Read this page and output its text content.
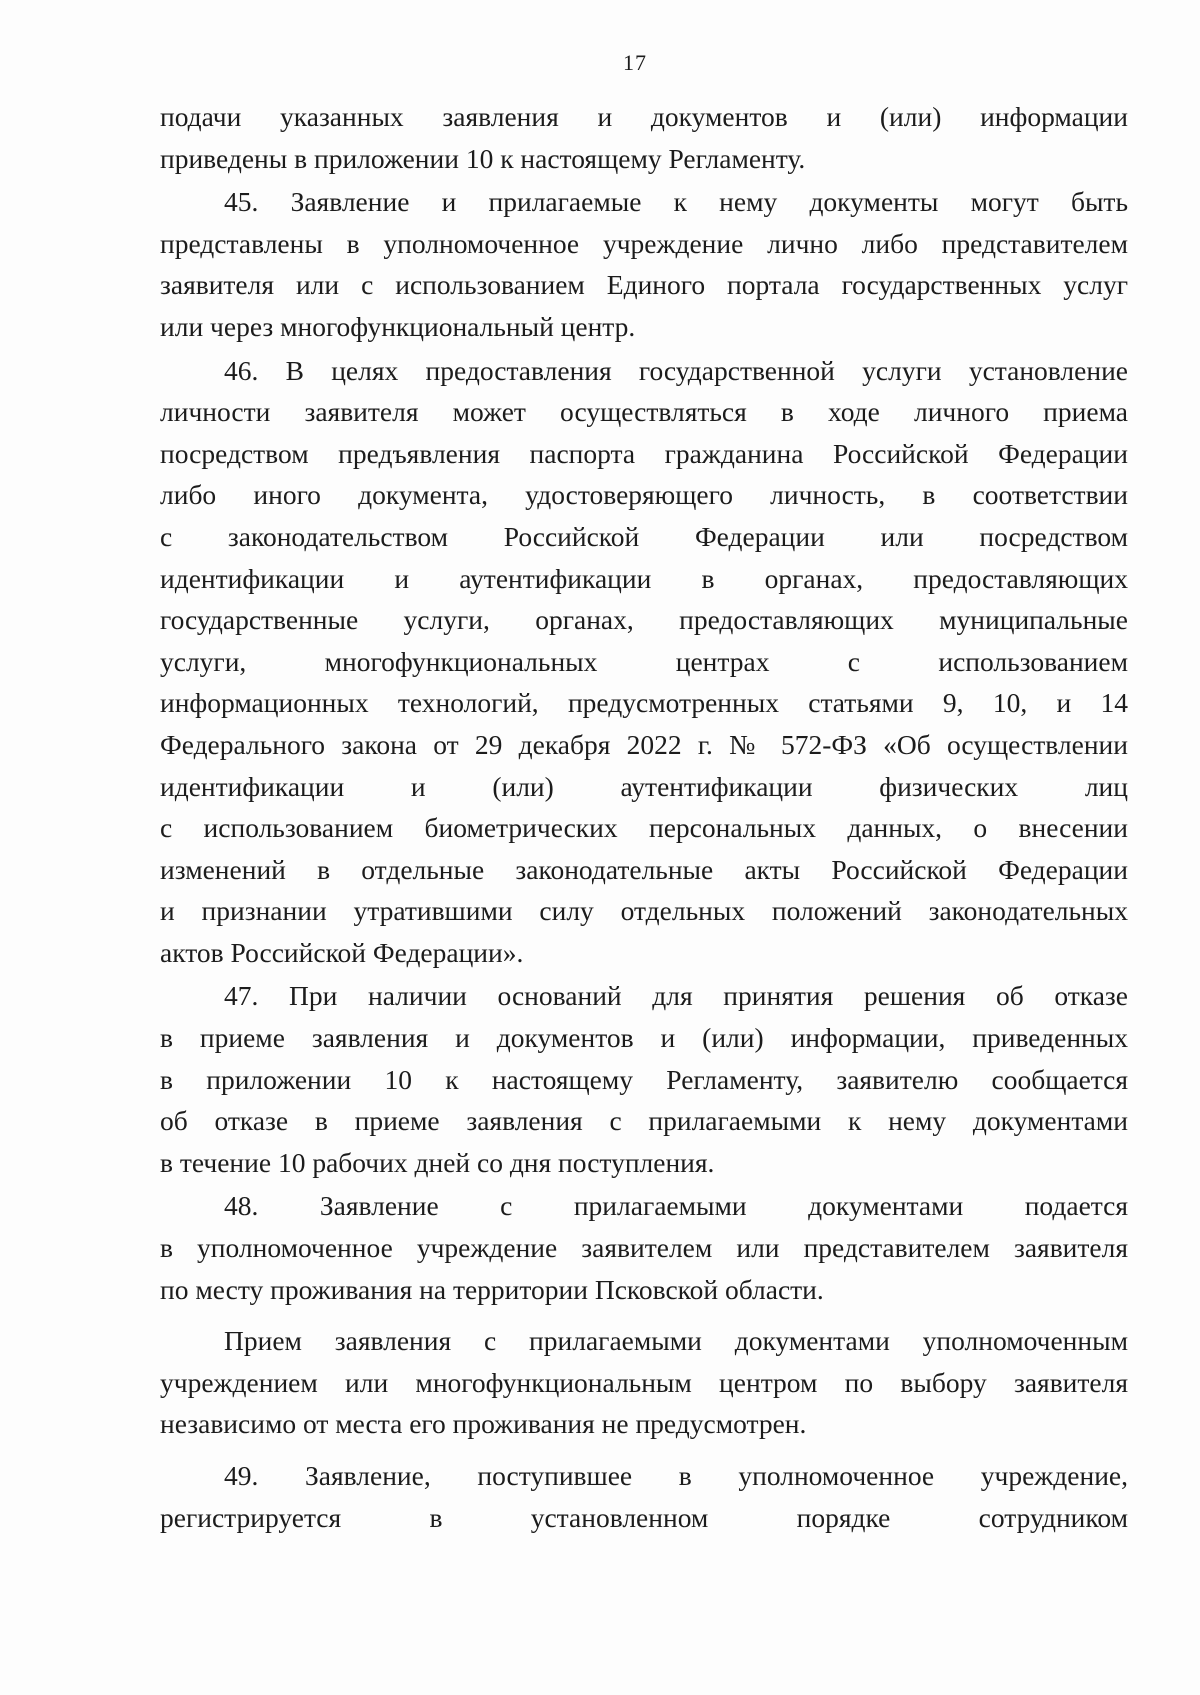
17

подачи указанных заявления и документов и (или) информации
приведены в приложении 10 к настоящему Регламенту.

45. Заявление и прилагаемые к нему документы могут быть
представлены в уполномоченное учреждение лично либо представителем
заявителя или с использованием Единого портала государственных услуг
или через многофункциональный центр.

46. В целях предоставления государственной услуги установление
личности заявителя может осуществляться в ходе личного приема
посредством предъявления паспорта гражданина Российской Федерации
либо иного документа, удостоверяющего личность, в соответствии
с законодательством Российской Федерации или посредством
идентификации и аутентификации в органах, предоставляющих
государственные услуги, органах, предоставляющих муниципальные
услуги, многофункциональных центрах с использованием
информационных технологий, предусмотренных статьями 9, 10, и 14
Федерального закона от 29 декабря 2022 г. № 572-ФЗ «Об осуществлении
идентификации и (или) аутентификации физических лиц
с использованием биометрических персональных данных, о внесении
изменений в отдельные законодательные акты Российской Федерации
и признании утратившими силу отдельных положений законодательных
актов Российской Федерации».

47. При наличии оснований для принятия решения об отказе
в приеме заявления и документов и (или) информации, приведенных
в приложении 10 к настоящему Регламенту, заявителю сообщается
об отказе в приеме заявления с прилагаемыми к нему документами
в течение 10 рабочих дней со дня поступления.

48. Заявление с прилагаемыми документами подается
в уполномоченное учреждение заявителем или представителем заявителя
по месту проживания на территории Псковской области.

Прием заявления с прилагаемыми документами уполномоченным
учреждением или многофункциональным центром по выбору заявителя
независимо от места его проживания не предусмотрен.

49. Заявление, поступившее в уполномоченное учреждение,
регистрируется в установленном порядке сотрудником
